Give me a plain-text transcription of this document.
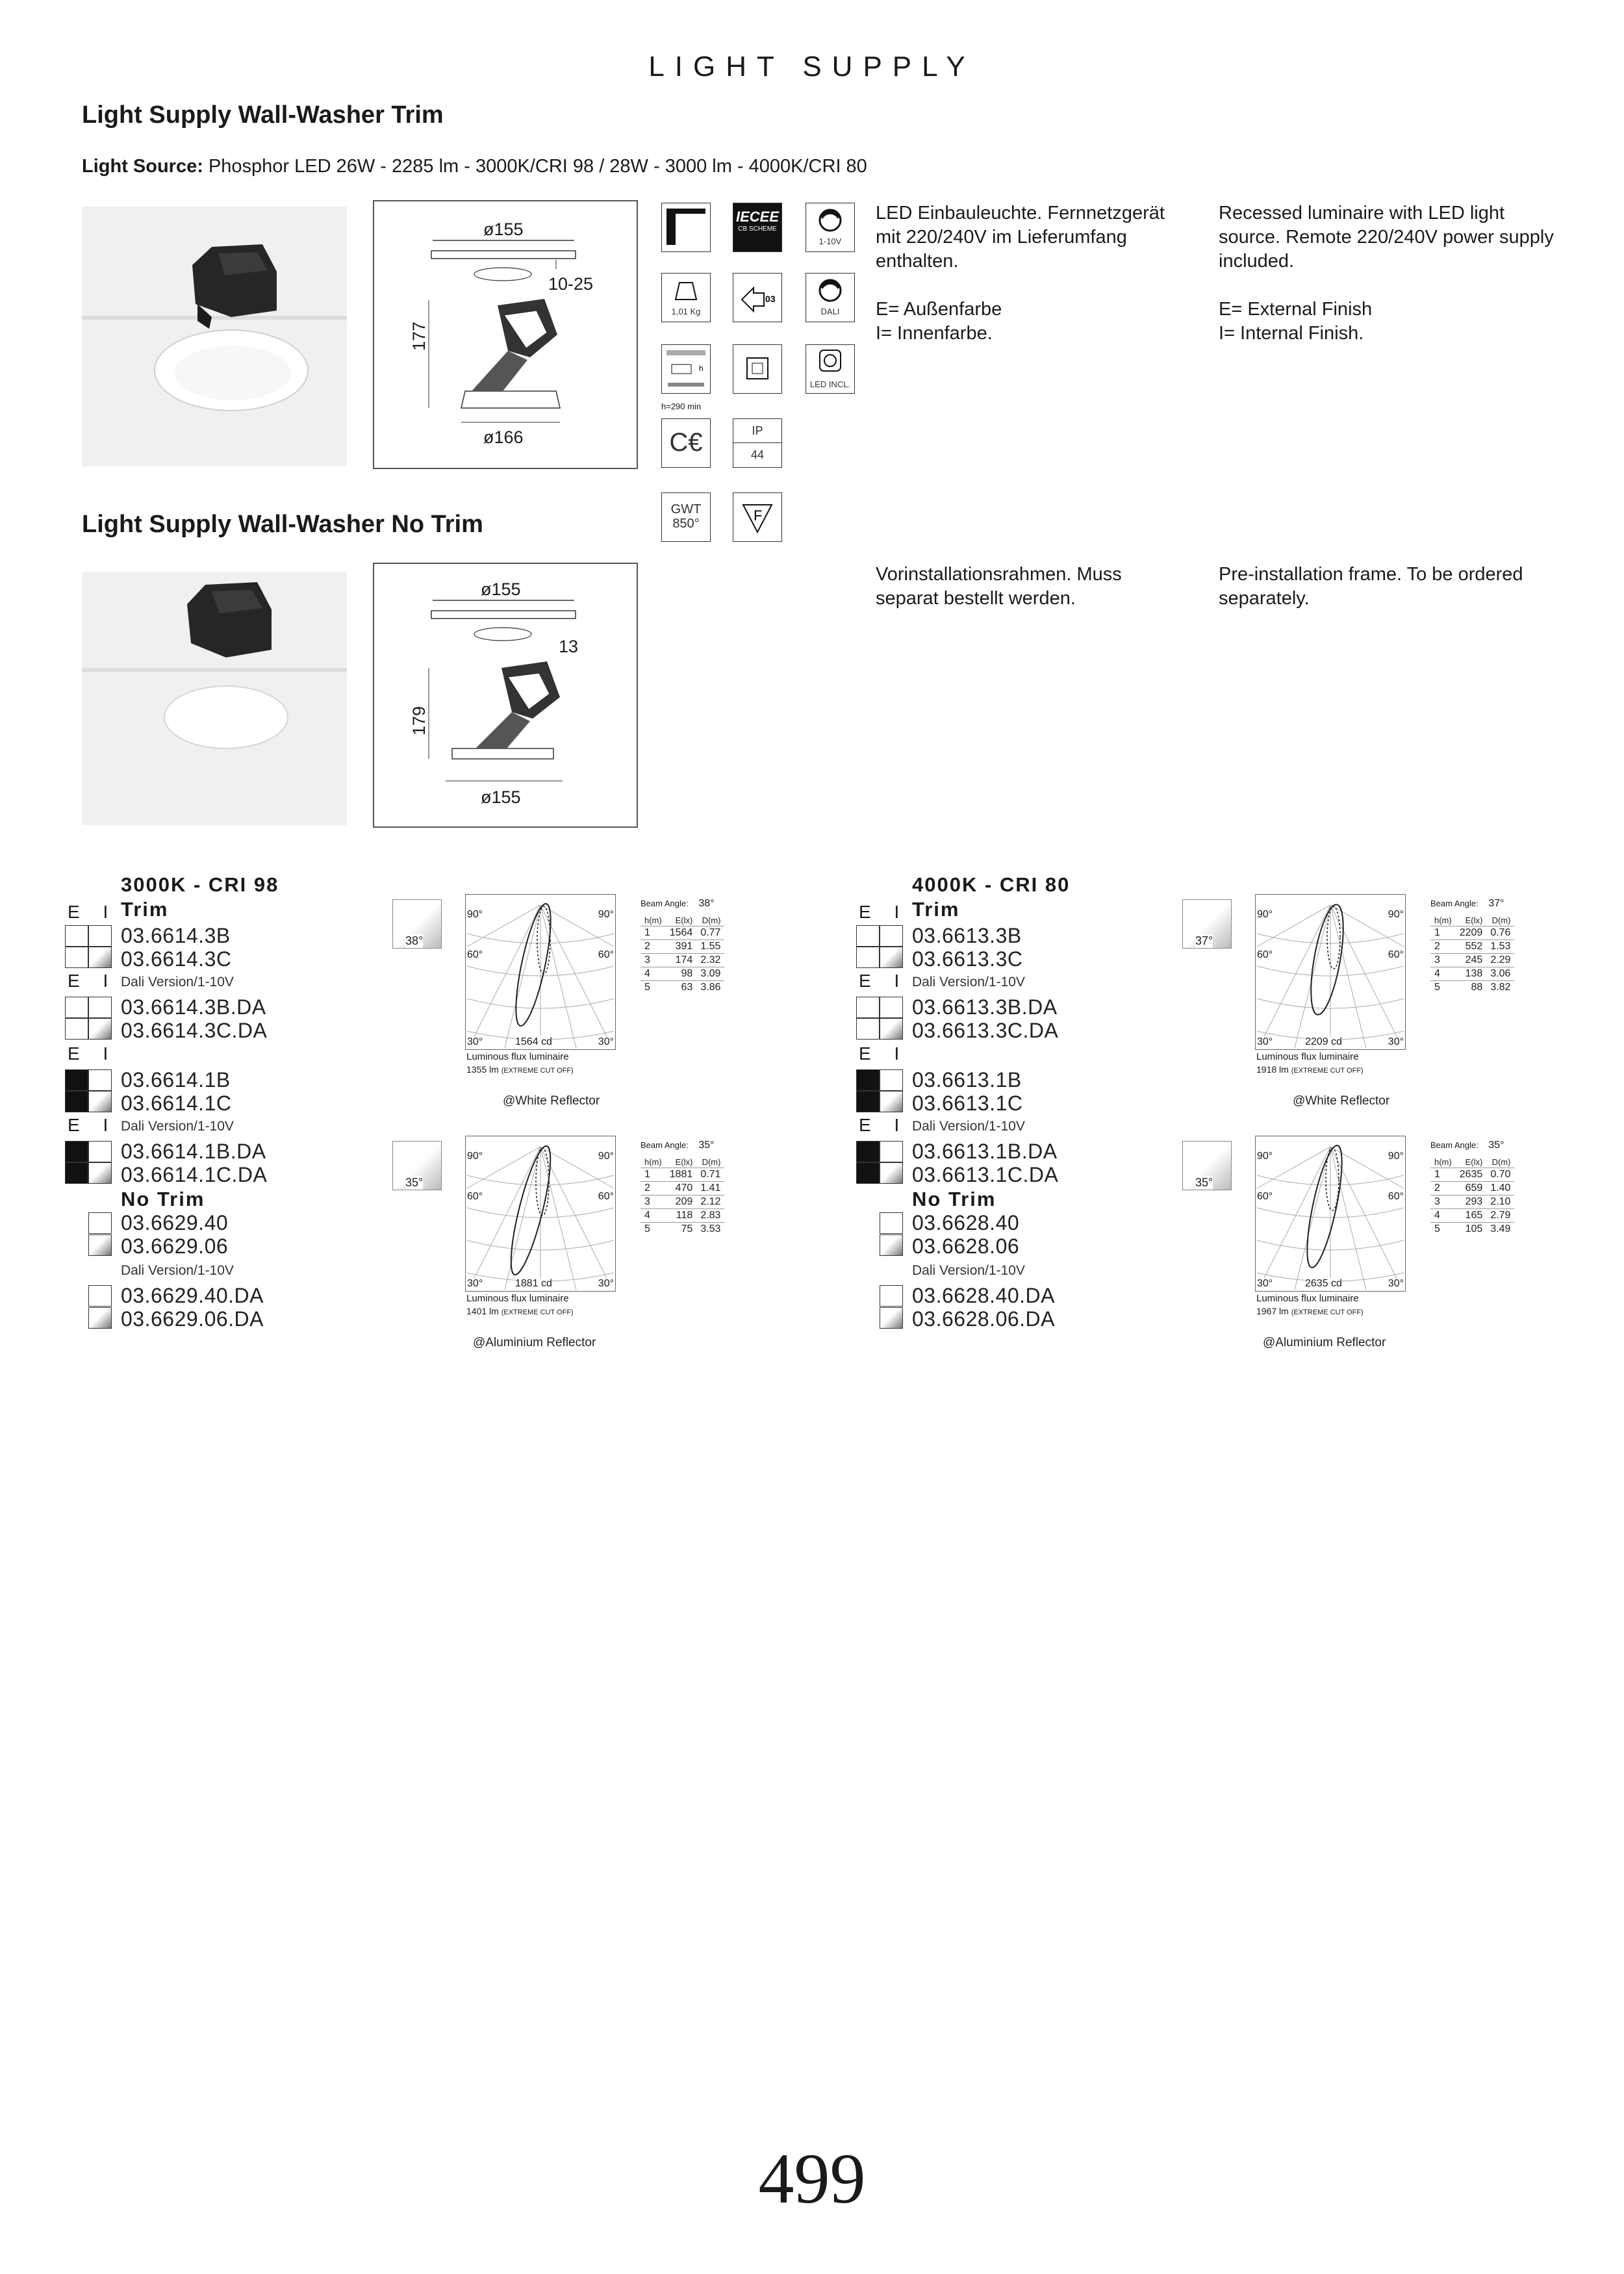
LIGHT SUPPLY
Light Supply Wall-Washer Trim
Light Source: Phosphor LED 26W - 2285 lm - 3000K/CRI 98 / 28W - 3000 lm - 4000K/CRI 80
ø155
10-25
177
ø166
IECEE
CB SCHEME
1-10V
1,01 Kg
03
DALI
h
h=290 min
LED INCL.
C€	IP
44
GWT
850°	F
LED Einbauleuchte. Fernnetzgerät mit 220/240V im Lieferumfang enthalten.
Recessed luminaire with LED light source. Remote 220/240V power supply included.
E= Außenfarbe
I= Innenfarbe.
E= External Finish
I= Internal Finish.
Light Supply Wall-Washer No Trim
ø155
13
179
ø155
Vorinstallationsrahmen. Muss separat bestellt werden.
Pre-installation frame. To be ordered separately.
3000K - CRI 98
E I Trim
03.6614.3B
03.6614.3C
E I Dali Version/1-10V
03.6614.3B.DA
03.6614.3C.DA
E I
03.6614.1B
03.6614.1C
E I Dali Version/1-10V
03.6614.1B.DA
03.6614.1C.DA
No Trim
03.6629.40
03.6629.06
Dali Version/1-10V
03.6629.40.DA
03.6629.06.DA
4000K - CRI 80
E I Trim
03.6613.3B
03.6613.3C
E I Dali Version/1-10V
03.6613.3B.DA
03.6613.3C.DA
E I
03.6613.1B
03.6613.1C
E I Dali Version/1-10V
03.6613.1B.DA
03.6613.1C.DA
No Trim
03.6628.40
03.6628.06
Dali Version/1-10V
03.6628.40.DA
03.6628.06.DA
38°
90°	90°
60°	60°
30°	30°
1564 cd
Luminous flux luminaire
1355 lm (EXTREME CUT OFF)
@White Reflector
Beam Angle: 38°
h(m)	E(lx)	D(m)
1	1564	0.77
2	391	1.55
3	174	2.32
4	98	3.09
5	63	3.86
35°
90°	90°
60°	60°
30°	30°
1881 cd
Luminous flux luminaire
1401 lm (EXTREME CUT OFF)
@Aluminium Reflector
Beam Angle: 35°
h(m)	E(lx)	D(m)
1	1881	0.71
2	470	1.41
3	209	2.12
4	118	2.83
5	75	3.53
37°
90°	90°
60°	60°
30°	30°
2209 cd
Luminous flux luminaire
1918 lm (EXTREME CUT OFF)
@White Reflector
Beam Angle: 37°
h(m)	E(lx)	D(m)
1	2209	0.76
2	552	1.53
3	245	2.29
4	138	3.06
5	88	3.82
35°
90°	90°
60°	60°
30°	30°
2635 cd
Luminous flux luminaire
1967 lm (EXTREME CUT OFF)
@Aluminium Reflector
Beam Angle: 35°
h(m)	E(lx)	D(m)
1	2635	0.70
2	659	1.40
3	293	2.10
4	165	2.79
5	105	3.49
499
